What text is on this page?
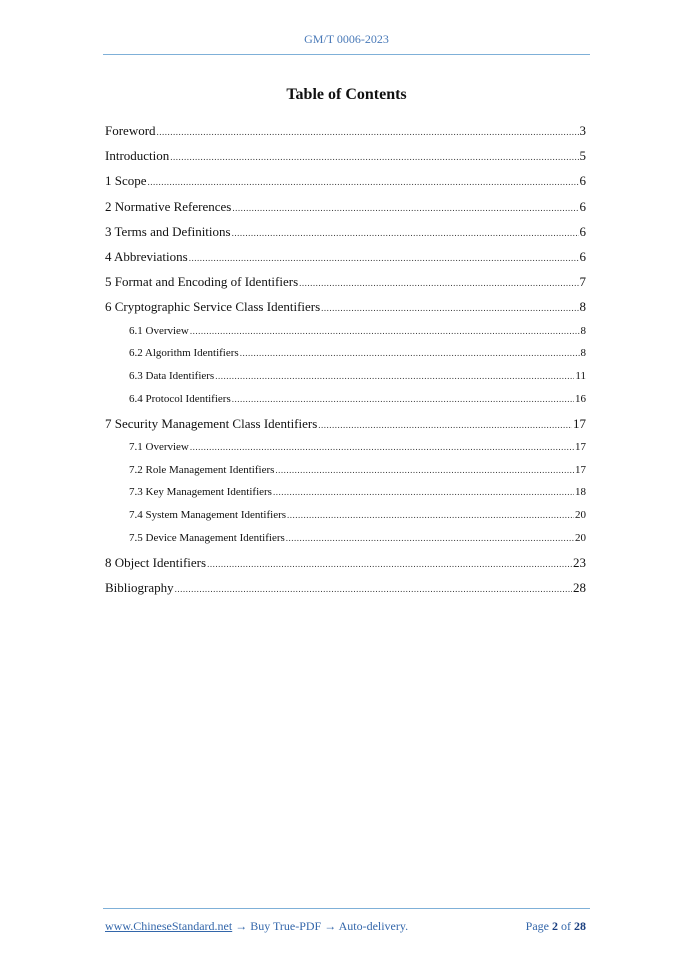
GM/T 0006-2023
Table of Contents
Foreword .....	3
Introduction .....	5
1 Scope .....	6
2 Normative References .....	6
3 Terms and Definitions .....	6
4 Abbreviations .....	6
5 Format and Encoding of Identifiers .....	7
6 Cryptographic Service Class Identifiers .....	8
6.1 Overview .....	8
6.2 Algorithm Identifiers .....	8
6.3 Data Identifiers .....	11
6.4 Protocol Identifiers .....	16
7 Security Management Class Identifiers .....	17
7.1 Overview .....	17
7.2 Role Management Identifiers .....	17
7.3 Key Management Identifiers .....	18
7.4 System Management Identifiers .....	20
7.5 Device Management Identifiers .....	20
8 Object Identifiers .....	23
Bibliography .....	28
www.ChineseStandard.net → Buy True-PDF → Auto-delivery.	Page 2 of 28
